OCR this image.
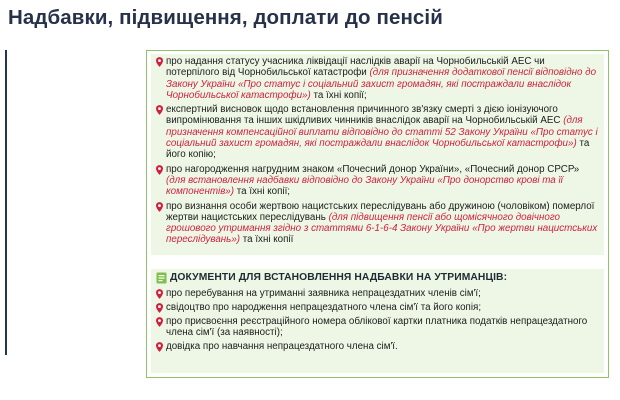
Надбавки, підвищення, доплати до пенсій
про надання статусу учасника ліквідації наслідків аварії на Чорнобильській АЕС чи потерпілого від Чорнобильської катастрофи (для призначення додаткової пенсії відповідно до Закону України «Про статус і соціальний захист громадян, які постраждали внаслідок Чорнобильської катастрофи») та їхні копії;
експертний висновок щодо встановлення причинного зв'язку смерті з дією іонізуючого випромінювання та інших шкідливих чинників внаслідок аварії на Чорнобильській АЕС (для призначення компенсаційної виплати відповідно до статті 52 Закону України «Про статус і соціальний захист громадян, які постраждали внаслідок Чорнобильської катастрофи») та його копію;
про нагородження нагрудним знаком «Почесний донор України», «Почесний донор СРСР» (для встановлення надбавки відповідно до Закону України «Про донорство крові та її компонентів») та їхні копії;
про визнання особи жертвою нацистських переслідувань або дружиною (чоловіком) померлої жертви нацистських переслідувань (для підвищення пенсії або щомісячного довічного грошового утримання згідно з статтями 6-1-6-4 Закону України «Про жертви нацистських переслідувань») та їхні копії
ДОКУМЕНТИ ДЛЯ ВСТАНОВЛЕННЯ НАДБАВКИ НА УТРИМАНЦІВ:
про перебування на утриманні заявника непрацездатних членів сім'ї;
свідоцтво про народження непрацездатного члена сім'ї та його копія;
про присвоєння реєстраційного номера облікової картки платника податків непрацездатного члена сім'ї (за наявності);
довідка про навчання непрацездатного члена сім'ї.
